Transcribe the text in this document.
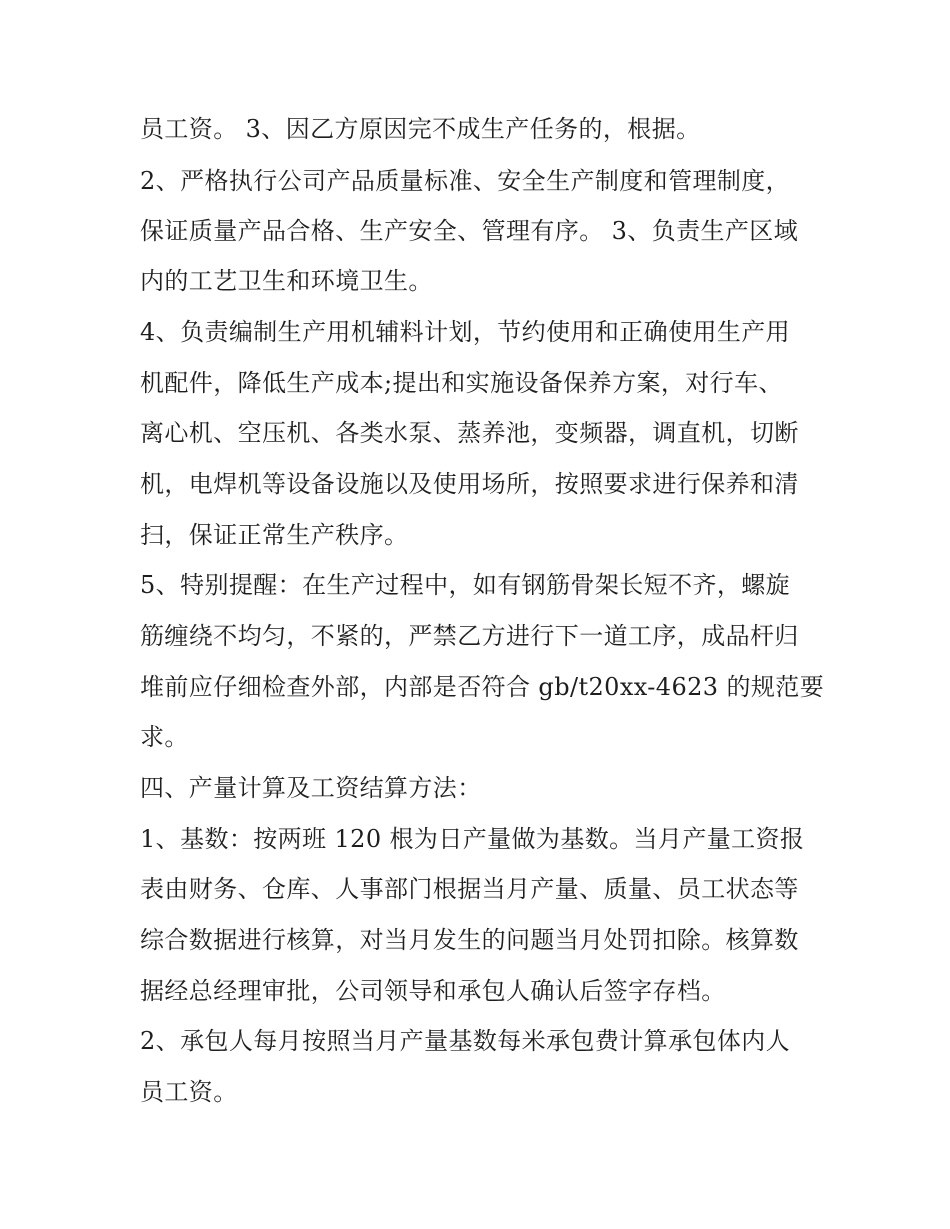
员工资。 3、因乙方原因完不成生产任务的，根据。
2、严格执行公司产品质量标准、安全生产制度和管理制度，
保证质量产品合格、生产安全、管理有序。 3、负责生产区域
内的工艺卫生和环境卫生。
4、负责编制生产用机辅料计划，节约使用和正确使用生产用
机配件，降低生产成本;提出和实施设备保养方案，对行车、
离心机、空压机、各类水泵、蒸养池，变频器，调直机，切断
机，电焊机等设备设施以及使用场所，按照要求进行保养和清
扫，保证正常生产秩序。
5、特别提醒：在生产过程中，如有钢筋骨架长短不齐，螺旋
筋缠绕不均匀，不紧的，严禁乙方进行下一道工序，成品杆归
堆前应仔细检查外部，内部是否符合 gb/t20xx-4623 的规范要
求。
四、产量计算及工资结算方法：
1、基数：按两班 120 根为日产量做为基数。当月产量工资报
表由财务、仓库、人事部门根据当月产量、质量、员工状态等
综合数据进行核算，对当月发生的问题当月处罚扣除。核算数
据经总经理审批，公司领导和承包人确认后签字存档。
2、承包人每月按照当月产量基数每米承包费计算承包体内人
员工资。
